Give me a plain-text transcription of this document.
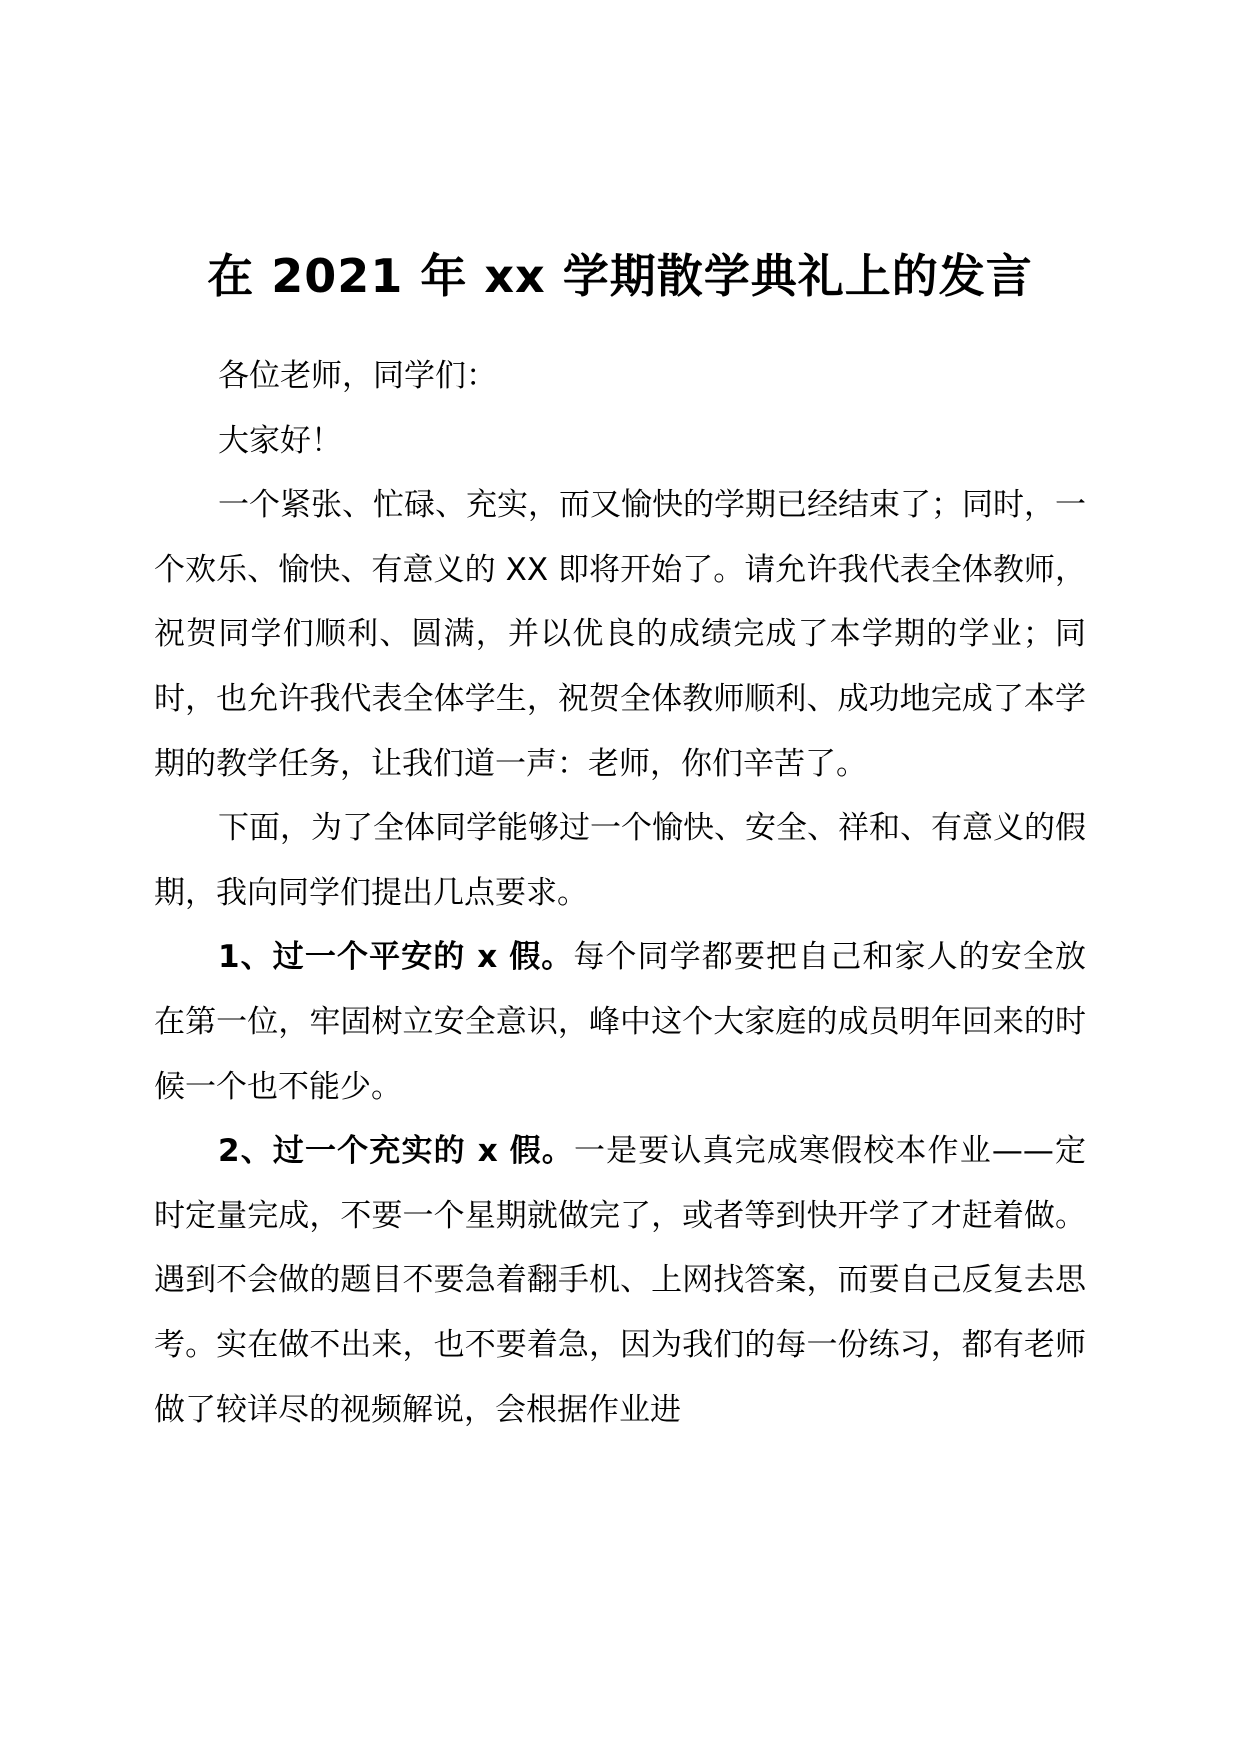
在 2021 年 xx 学期散学典礼上的发言

各位老师，同学们：

大家好！

一个紧张、忙碌、充实，而又愉快的学期已经结束了；同时，一个欢乐、愉快、有意义的 XX 即将开始了。请允许我代表全体教师，祝贺同学们顺利、圆满，并以优良的成绩完成了本学期的学业；同时，也允许我代表全体学生，祝贺全体教师顺利、成功地完成了本学期的教学任务，让我们道一声：老师，你们辛苦了。

下面，为了全体同学能够过一个愉快、安全、祥和、有意义的假期，我向同学们提出几点要求。

1、过一个平安的 x 假。每个同学都要把自己和家人的安全放在第一位，牢固树立安全意识，峰中这个大家庭的成员明年回来的时候一个也不能少。

2、过一个充实的 x 假。一是要认真完成寒假校本作业——定时定量完成，不要一个星期就做完了，或者等到快开学了才赶着做。遇到不会做的题目不要急着翻手机、上网找答案，而要自己反复去思考。实在做不出来，也不要着急，因为我们的每一份练习，都有老师做了较详尽的视频解说，会根据作业进
